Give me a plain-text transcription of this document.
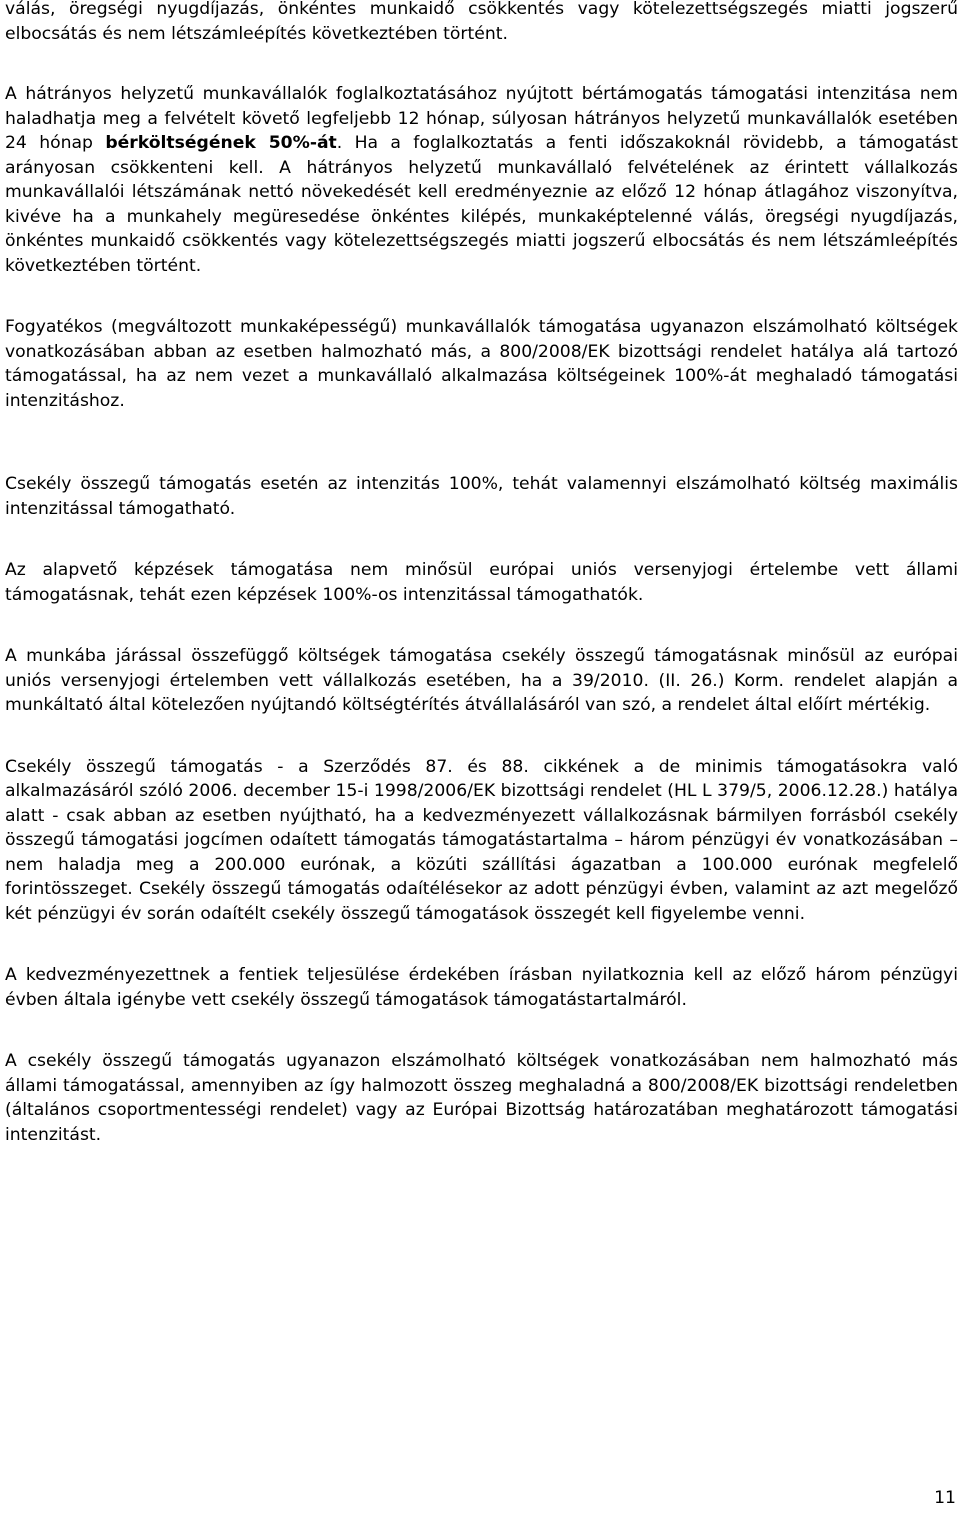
válás, öregségi nyugdíjazás, önkéntes munkaidő csökkentés vagy kötelezettségszegés miatti jogszerű elbocsátás és nem létszámleépítés következtében történt.

A hátrányos helyzetű munkavállalók foglalkoztatásához nyújtott bértámogatás támogatási intenzitása nem haladhatja meg a felvételt követő legfeljebb 12 hónap, súlyosan hátrányos helyzetű munkavállalók esetében 24 hónap bérköltségének 50%-át. Ha a foglalkoztatás a fenti időszakoknál rövidebb, a támogatást arányosan csökkenteni kell. A hátrányos helyzetű munkavállaló felvételének az érintett vállalkozás munkavállalói létszámának nettó növekedését kell eredményeznie az előző 12 hónap átlagához viszonyítva, kivéve ha a munkahely megüresedése önkéntes kilépés, munkaképtelenné válás, öregségi nyugdíjazás, önkéntes munkaidő csökkentés vagy kötelezettségszegés miatti jogszerű elbocsátás és nem létszámleépítés következtében történt.

Fogyatékos (megváltozott munkaképességű) munkavállalók támogatása ugyanazon elszámolható költségek vonatkozásában abban az esetben halmozható más, a 800/2008/EK bizottsági rendelet hatálya alá tartozó támogatással, ha az nem vezet a munkavállaló alkalmazása költségeinek 100%-át meghaladó támogatási intenzitáshoz.

Csekély összegű támogatás esetén az intenzitás 100%, tehát valamennyi elszámolható költség maximális intenzitással támogatható.

Az alapvető képzések támogatása nem minősül európai uniós versenyjogi értelembe vett állami támogatásnak, tehát ezen képzések 100%-os intenzitással támogathatók.

A munkába járással összefüggő költségek támogatása csekély összegű támogatásnak minősül az európai uniós versenyjogi értelemben vett vállalkozás esetében, ha a 39/2010. (II. 26.) Korm. rendelet alapján a munkáltató által kötelezően nyújtandó költségtérítés átvállalásáról van szó, a rendelet által előírt mértékig.

Csekély összegű támogatás - a Szerződés 87. és 88. cikkének a de minimis támogatásokra való alkalmazásáról szóló 2006. december 15-i 1998/2006/EK bizottsági rendelet (HL L 379/5, 2006.12.28.) hatálya alatt - csak abban az esetben nyújtható, ha a kedvezményezett vállalkozásnak bármilyen forrásból csekély összegű támogatási jogcímen odaített támogatás támogatástartalma – három pénzügyi év vonatkozásában – nem haladja meg a 200.000 eurónak, a közúti szállítási ágazatban a 100.000 eurónak megfelelő forintösszeget. Csekély összegű támogatás odaítélésekor az adott pénzügyi évben, valamint az azt megelőző két pénzügyi év során odaítélt csekély összegű támogatások összegét kell figyelembe venni.

A kedvezményezettnek a fentiek teljesülése érdekében írásban nyilatkoznia kell az előző három pénzügyi évben általa igénybe vett csekély összegű támogatások támogatástartalmáról.

A csekély összegű támogatás ugyanazon elszámolható költségek vonatkozásában nem halmozható más állami támogatással, amennyiben az így halmozott összeg meghaladná a 800/2008/EK bizottsági rendeletben (általános csoportmentességi rendelet) vagy az Európai Bizottság határozatában meghatározott támogatási intenzitást.

11
